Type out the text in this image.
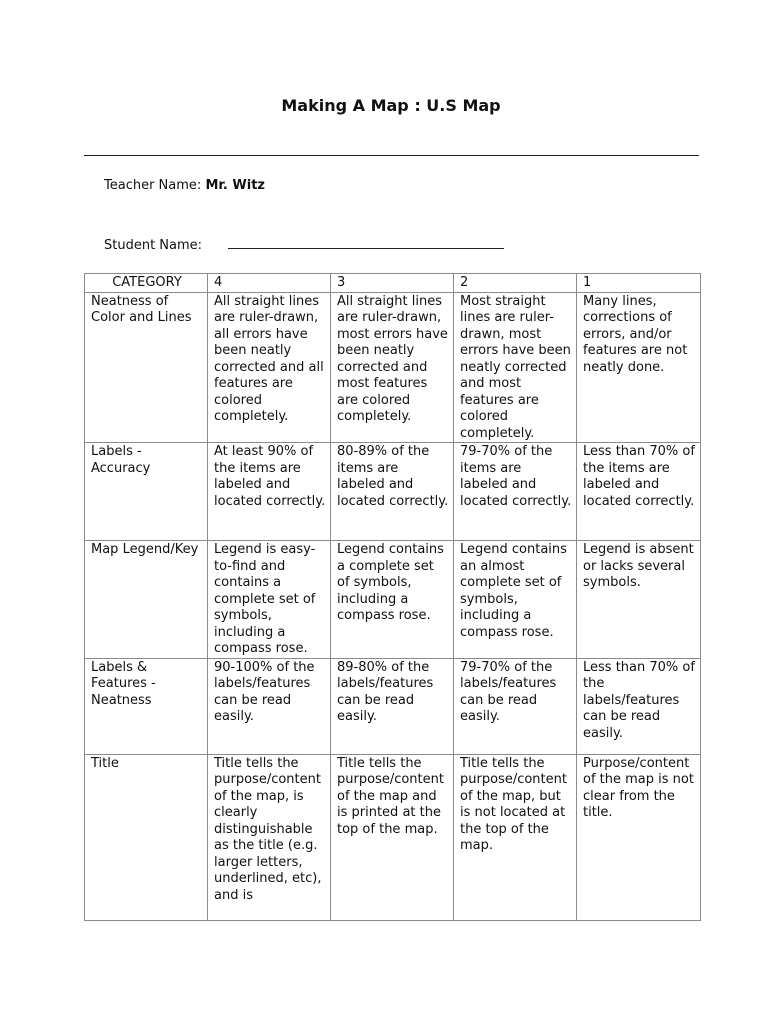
Making A Map : U.S Map
Teacher Name: Mr. Witz
Student Name:
CATEGORY	4	3	2	1
Neatness of Color and Lines	All straight lines are ruler-drawn, all errors have been neatly corrected and all features are colored completely.	All straight lines are ruler-drawn, most errors have been neatly corrected and most features are colored completely.	Most straight lines are ruler-drawn, most errors have been neatly corrected and most features are colored completely.	Many lines, corrections of errors, and/or features are not neatly done.
Labels - Accuracy	At least 90% of the items are labeled and located correctly.	80-89% of the items are labeled and located correctly.	79-70% of the items are labeled and located correctly.	Less than 70% of the items are labeled and located correctly.
Map Legend/Key	Legend is easy-to-find and contains a complete set of symbols, including a compass rose.	Legend contains a complete set of symbols, including a compass rose.	Legend contains an almost complete set of symbols, including a compass rose.	Legend is absent or lacks several symbols.
Labels & Features - Neatness	90-100% of the labels/features can be read easily.	89-80% of the labels/features can be read easily.	79-70% of the labels/features can be read easily.	Less than 70% of the labels/features can be read easily.
Title	Title tells the purpose/content of the map, is clearly distinguishable as the title (e.g. larger letters, underlined, etc), and is	Title tells the purpose/content of the map and is printed at the top of the map.	Title tells the purpose/content of the map, but is not located at the top of the map.	Purpose/content of the map is not clear from the title.
